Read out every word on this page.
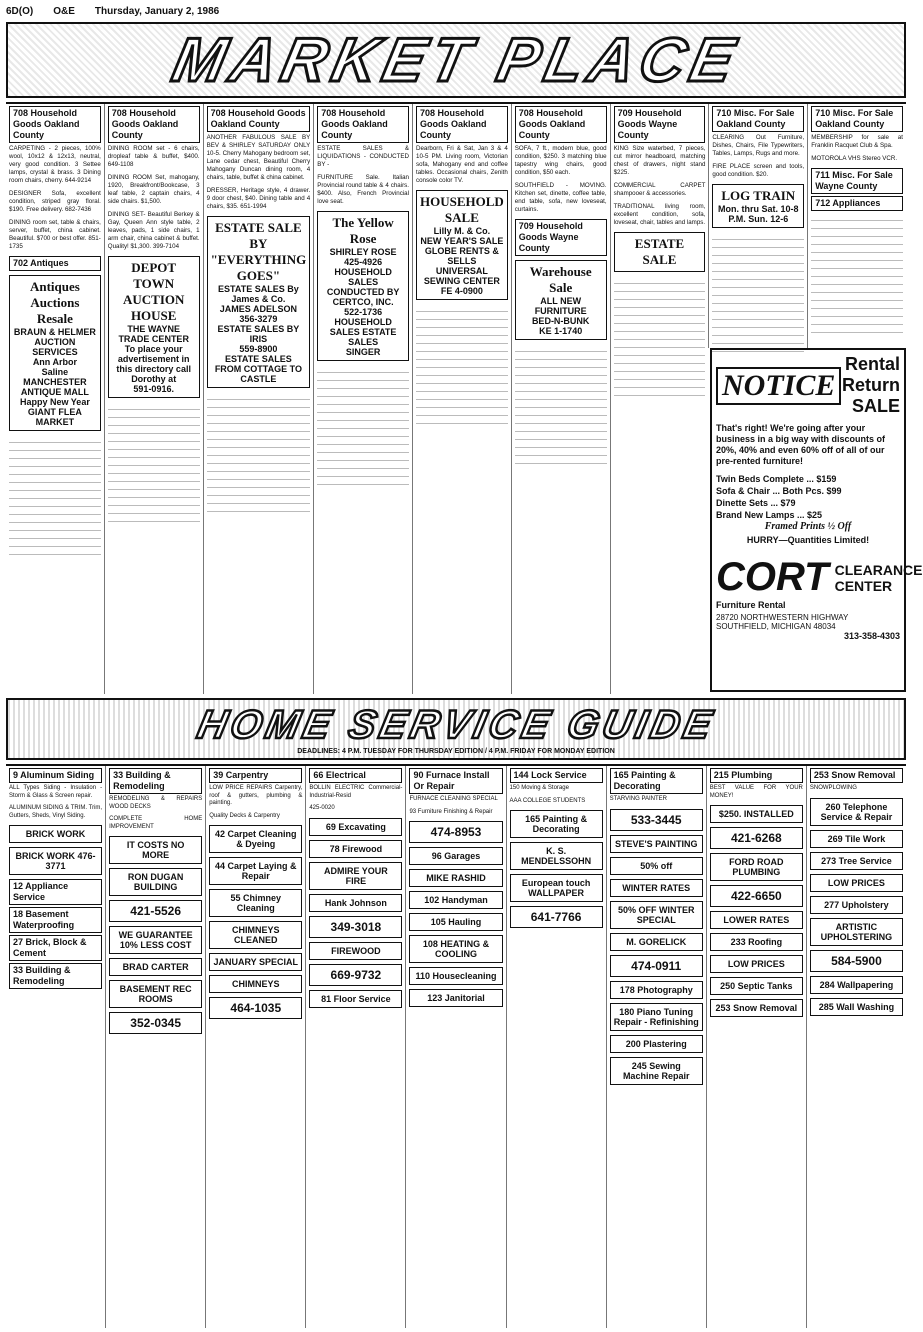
6D(O) O&E Thursday, January 2, 1986
MARKET PLACE
708 Household Goods Oakland County
CARPETING - 2 pieces, 100% wool, 10x12 & 12x13, neutral, very good condition. 3 Settee lamps, crystal & brass. 3 Dining room chairs, cherry. 644-9214
DESIGNER Sofa, excellent condition, striped gray floral. $190. Free delivery. 682-7436
DINING room set, table & chairs, server, buffet, china cabinet. Beautiful. $700 or best offer. 851-1735
702 Antiques
Antiques Auctions Resale
BRAUN & HELMER AUCTION SERVICES
Ann Arbor
Saline
MANCHESTER ANTIQUE MALL
Happy New Year
GIANT FLEA MARKET
708 Household Goods Oakland County
DINING ROOM set - 6 chairs, dropleaf table & buffet, $400. 649-1108
DINING ROOM Set, mahogany, 1920, Breakfront/Bookcase, 3 leaf table, 2 captain chairs, 4 side chairs. $1,500.
DINING SET- Beautiful Berkey & Gay, Queen Ann style table, 2 leaves, pads, 1 side chairs, 1 arm chair, china cabinet & buffet. Quality! $1,300. 399-7104
DEPOT TOWN AUCTION HOUSE
THE WAYNE TRADE CENTER
To place your advertisement in this directory call
Dorothy at
591-0916.
708 Household Goods Oakland County
ANOTHER FABULOUS SALE BY BEV & SHIRLEY SATURDAY ONLY 10-5. Cherry Mahogany bedroom set, Lane cedar chest, Beautiful Cherry Mahogany Duncan dining room, 4 chairs, table, buffet & china cabinet.
DRESSER, Heritage style, 4 drawer. 9 door chest, $40. Dining table and 4 chairs, $35. 651-1994
ESTATE SALE BY "EVERYTHING GOES"
ESTATE SALES By James & Co.
JAMES ADELSON
356-3279
ESTATE SALES BY IRIS
559-8900
ESTATE SALES FROM COTTAGE TO CASTLE
708 Household Goods Oakland County
ESTATE SALES & LIQUIDATIONS - CONDUCTED BY -
FURNITURE Sale. Italian Provincial round table & 4 chairs. $400. Also, French Provincial love seat.
The Yellow Rose
SHIRLEY ROSE 425-4926
HOUSEHOLD SALES CONDUCTED BY CERTCO, INC.
522-1736
HOUSEHOLD SALES ESTATE SALES
SINGER
708 Household Goods Oakland County
Dearborn, Fri & Sat, Jan 3 & 4 10-5 PM. Living room, Victorian sofa, Mahogany end and coffee tables. Occasional chairs, Zenith console color TV.
HOUSEHOLD SALE
Lilly M. & Co.
NEW YEAR'S SALE
GLOBE RENTS & SELLS
UNIVERSAL SEWING CENTER
FE 4-0900
708 Household Goods Oakland County
SOFA, 7 ft., modern blue, good condition, $250. 3 matching blue tapestry wing chairs, good condition, $50 each.
SOUTHFIELD - MOVING. Kitchen set, dinette, coffee table, end table, sofa, new loveseat, curtains.
709 Household Goods Wayne County
Warehouse Sale
ALL NEW FURNITURE
BED-N-BUNK
KE 1-1740
709 Household Goods Wayne County
KING Size waterbed, 7 pieces, cut mirror headboard, matching chest of drawers, night stand $225.
COMMERCIAL CARPET shampooer & accessories.
TRADITIONAL living room, excellent condition, sofa, loveseat, chair, tables and lamps.
ESTATE SALE
710 Misc. For Sale Oakland County
CLEARING Out Furniture, Dishes, Chairs, File Typewriters, Tables, Lamps, Rugs and more.
FIRE PLACE screen and tools, good condition. $20.
LOG TRAIN
Mon. thru Sat. 10-8 P.M. Sun. 12-6
710 Misc. For Sale Oakland County
MEMBERSHIP for sale at Franklin Racquet Club & Spa.
MOTOROLA VHS Stereo VCR.
711 Misc. For Sale Wayne County
712 Appliances
NOTICE
Rental Return SALE
That's right! We're going after your business in a big way with discounts of 20%, 40% and even 60% off of all of our pre-rented furniture!
Twin Beds Complete ... $159
Sofa & Chair ... Both Pcs. $99
Dinette Sets ... $79
Brand New Lamps ... $25
Framed Prints ½ Off
HURRY—Quantities Limited!
CORT CLEARANCE CENTER
Furniture Rental
28720 NORTHWESTERN HIGHWAY SOUTHFIELD, MICHIGAN 48034
313-358-4303
HOME SERVICE GUIDE
DEADLINES: 4 P.M. TUESDAY FOR THURSDAY EDITION / 4 P.M. FRIDAY FOR MONDAY EDITION
9 Aluminum Siding
ALL Types Siding - Insulation - Storm & Glass & Screen repair.
ALUMINUM SIDING & TRIM. Trim, Gutters, Sheds, Vinyl Siding.
BRICK WORK
BRICK WORK 476-3771
12 Appliance Service
18 Basement Waterproofing
27 Brick, Block & Cement
33 Building & Remodeling
33 Building & Remodeling
REMODELING & REPAIRS WOOD DECKS
COMPLETE HOME IMPROVEMENT
IT COSTS NO MORE
RON DUGAN BUILDING
421-5526
WE GUARANTEE 10% LESS COST
BRAD CARTER
BASEMENT REC ROOMS
352-0345
39 Carpentry
LOW PRICE REPAIRS Carpentry, roof & gutters, plumbing & painting.
Quality Decks & Carpentry
42 Carpet Cleaning & Dyeing
44 Carpet Laying & Repair
55 Chimney Cleaning
CHIMNEYS CLEANED
JANUARY SPECIAL
CHIMNEYS
464-1035
66 Electrical
BOLLIN ELECTRIC Commercial-Industrial-Resid
425-0020
69 Excavating
78 Firewood
ADMIRE YOUR FIRE
Hank Johnson
349-3018
FIREWOOD
669-9732
81 Floor Service
90 Furnace Install Or Repair
FURNACE CLEANING SPECIAL
93 Furniture Finishing & Repair
474-8953
96 Garages
MIKE RASHID
102 Handyman
105 Hauling
108 HEATING & COOLING
110 Housecleaning
123 Janitorial
144 Lock Service
150 Moving & Storage
AAA COLLEGE STUDENTS
165 Painting & Decorating
K. S. MENDELSSOHN
European touch WALLPAPER
641-7766
165 Painting & Decorating
STARVING PAINTER
533-3445
STEVE'S PAINTING
50% off
WINTER RATES
50% OFF WINTER SPECIAL
M. GORELICK
474-0911
178 Photography
180 Piano Tuning Repair - Refinishing
200 Plastering
245 Sewing Machine Repair
215 Plumbing
BEST VALUE FOR YOUR MONEY!
$250. INSTALLED
421-6268
FORD ROAD PLUMBING
422-6650
LOWER RATES
233 Roofing
LOW PRICES
250 Septic Tanks
253 Snow Removal
253 Snow Removal
SNOWPLOWING
260 Telephone Service & Repair
269 Tile Work
273 Tree Service
LOW PRICES
277 Upholstery
ARTISTIC UPHOLSTERING
584-5900
284 Wallpapering
285 Wall Washing
